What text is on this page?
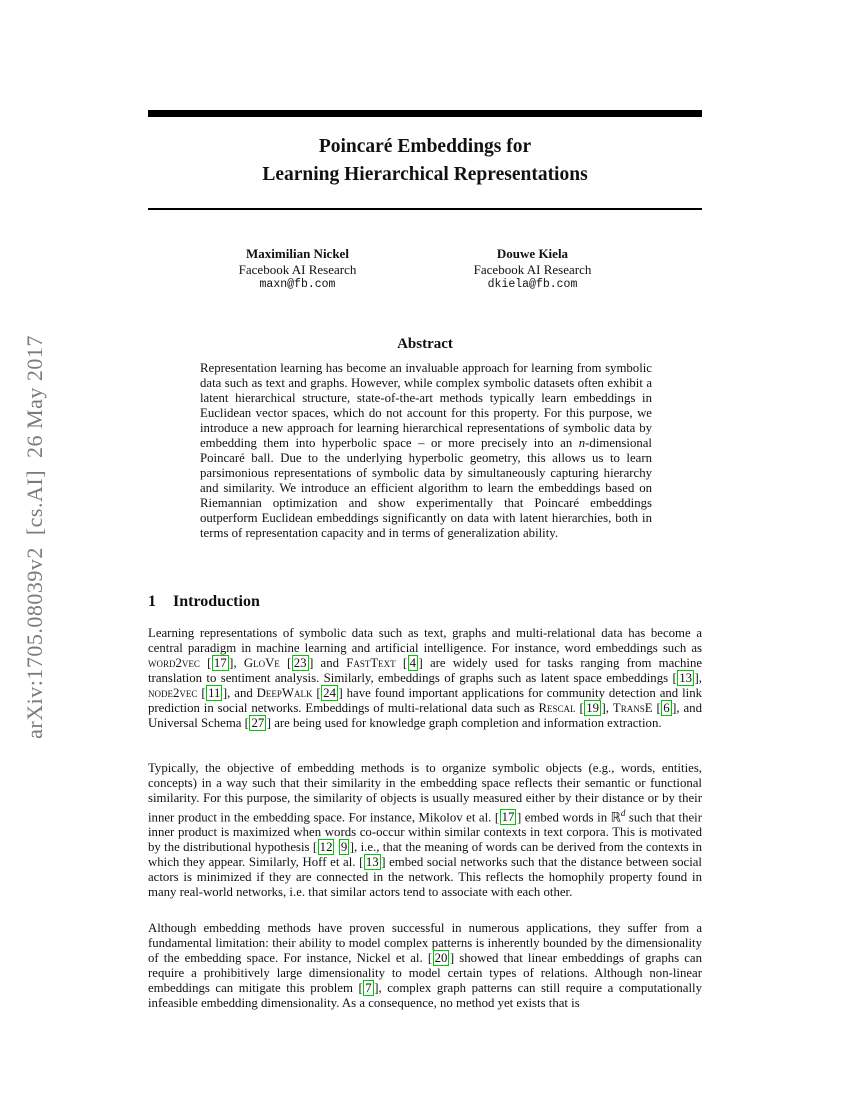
arXiv:1705.08039v2  [cs.AI]  26 May 2017
Poincaré Embeddings for
Learning Hierarchical Representations
Maximilian Nickel
Facebook AI Research
maxn@fb.com
Douwe Kiela
Facebook AI Research
dkiela@fb.com
Abstract
Representation learning has become an invaluable approach for learning from symbolic data such as text and graphs. However, while complex symbolic datasets often exhibit a latent hierarchical structure, state-of-the-art methods typically learn embeddings in Euclidean vector spaces, which do not account for this property. For this purpose, we introduce a new approach for learning hierarchical representations of symbolic data by embedding them into hyperbolic space – or more precisely into an n-dimensional Poincaré ball. Due to the underlying hyperbolic geometry, this allows us to learn parsimonious representations of symbolic data by simultaneously capturing hierarchy and similarity. We introduce an efficient algorithm to learn the embeddings based on Riemannian optimization and show experimentally that Poincaré embeddings outperform Euclidean embeddings significantly on data with latent hierarchies, both in terms of representation capacity and in terms of generalization ability.
1 Introduction
Learning representations of symbolic data such as text, graphs and multi-relational data has become a central paradigm in machine learning and artificial intelligence. For instance, word embeddings such as word2vec [ 17 ], GloVe [ 23 ] and FastText [ 4 ] are widely used for tasks ranging from machine translation to sentiment analysis. Similarly, embeddings of graphs such as latent space embeddings [ 13 ], node2vec [ 11 ], and DeepWalk [ 24 ] have found important applications for community detection and link prediction in social networks. Embeddings of multi-relational data such as Rescal [ 19 ], TransE [ 6 ], and Universal Schema [ 27 ] are being used for knowledge graph completion and information extraction.
Typically, the objective of embedding methods is to organize symbolic objects (e.g., words, entities, concepts) in a way such that their similarity in the embedding space reflects their semantic or functional similarity. For this purpose, the similarity of objects is usually measured either by their distance or by their inner product in the embedding space. For instance, Mikolov et al. [ 17 ] embed words in ℝ$^d$ such that their inner product is maximized when words co-occur within similar contexts in text corpora. This is motivated by the distributional hypothesis [ 12 9 ], i.e., that the meaning of words can be derived from the contexts in which they appear. Similarly, Hoff et al. [ 13 ] embed social networks such that the distance between social actors is minimized if they are connected in the network. This reflects the homophily property found in many real-world networks, i.e. that similar actors tend to associate with each other.
Although embedding methods have proven successful in numerous applications, they suffer from a fundamental limitation: their ability to model complex patterns is inherently bounded by the dimensionality of the embedding space. For instance, Nickel et al. [ 20 ] showed that linear embeddings of graphs can require a prohibitively large dimensionality to model certain types of relations. Although non-linear embeddings can mitigate this problem [ 7 ], complex graph patterns can still require a computationally infeasible embedding dimensionality. As a consequence, no method yet exists that is
